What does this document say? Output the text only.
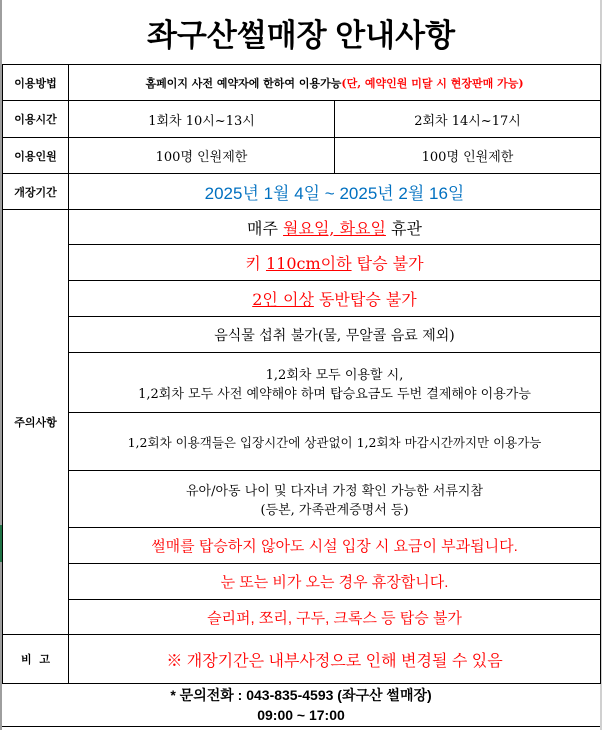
좌구산썰매장 안내사항
이용방법	홈페이지 사전 예약자에 한하여 이용가능(단, 예약인원 미달 시 현장판매 가능)	
이용시간	1회차 10시~13시	2회차 14시~17시
이용인원	100명 인원제한	100명 인원제한
개장기간	2025년 1월 4일 ~ 2025년 2월 16일	
주의사항	매주 월요일, 화요일 휴관	
	키 110cm이하 탑승 불가	
	2인 이상 동반탑승 불가	
	음식물 섭취 불가(물, 무알콜 음료 제외)	

	1,2회차 모두 이용할 시,
1,2회차 모두 사전 예약해야 하며 탑승요금도 두번 결제해야 이용가능	

	1,2회차 이용객들은 입장시간에 상관없이 1,2회차 마감시간까지만 이용가능	

	유아/아동 나이 및 다자녀 가정 확인 가능한 서류지참
(등본, 가족관계증명서 등)	

	썰매를 탑승하지 않아도 시설 입장 시 요금이 부과됩니다.	
	눈 또는 비가 오는 경우 휴장합니다.	
	슬리퍼, 쪼리, 구두, 크록스 등 탑승 불가	
비  고	※ 개장기간은 내부사정으로 인해 변경될 수 있음	
* 문의전화 : 043-835-4593 (좌구산 썰매장)
09:00 ~ 17:00
